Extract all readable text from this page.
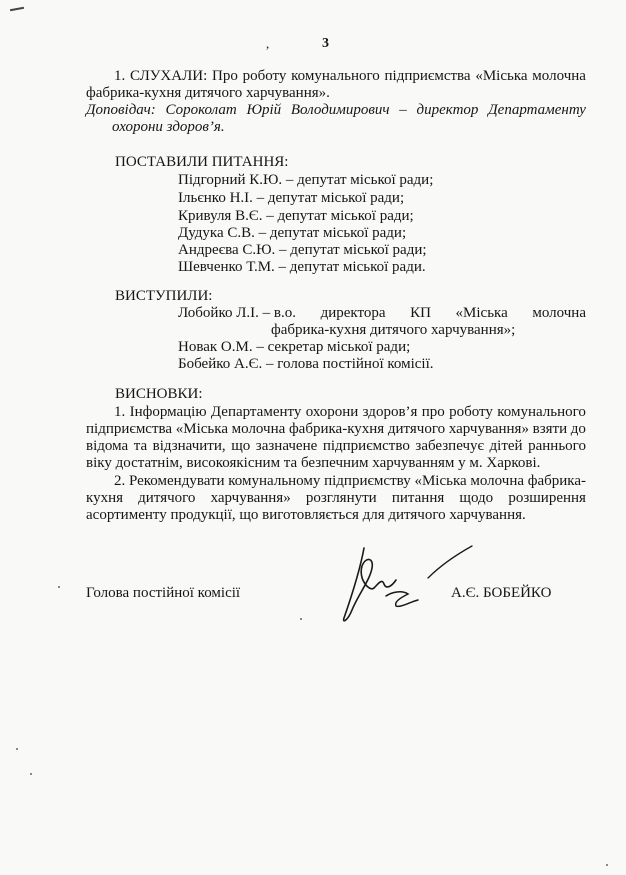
,	3
1. СЛУХАЛИ: Про роботу комунального підприємства «Міська молочна
фабрика-кухня дитячого харчування».
Доповідач: Сороколат Юрій Володимирович – директор Департаменту
охорони здоров’я.
ПОСТАВИЛИ ПИТАННЯ:
Підгорний К.Ю. – депутат міської ради;
Ільєнко Н.І. – депутат міської ради;
Кривуля В.Є. – депутат міської ради;
Дудука С.В. – депутат міської ради;
Андреєва С.Ю. – депутат міської ради;
Шевченко Т.М. – депутат міської ради.
ВИСТУПИЛИ:
Лобойко Л.І. – в.о. директора КП «Міська молочна
фабрика-кухня дитячого харчування»;
Новак О.М. – секретар міської ради;
Бобейко А.Є. – голова постійної комісії.
ВИСНОВКИ:
1. Інформацію Департаменту охорони здоров’я про роботу комунального
підприємства «Міська молочна фабрика-кухня дитячого харчування» взяти до
відома та відзначити, що зазначене підприємство забезпечує дітей раннього
віку достатнім, високоякісним та безпечним харчуванням у м. Харкові.
2. Рекомендувати комунальному підприємству «Міська молочна фабрика-
кухня дитячого харчування» розглянути питання щодо розширення
асортименту продукції, що виготовляється для дитячого харчування.
Голова постійної комісії	А.Є. БОБЕЙКО
